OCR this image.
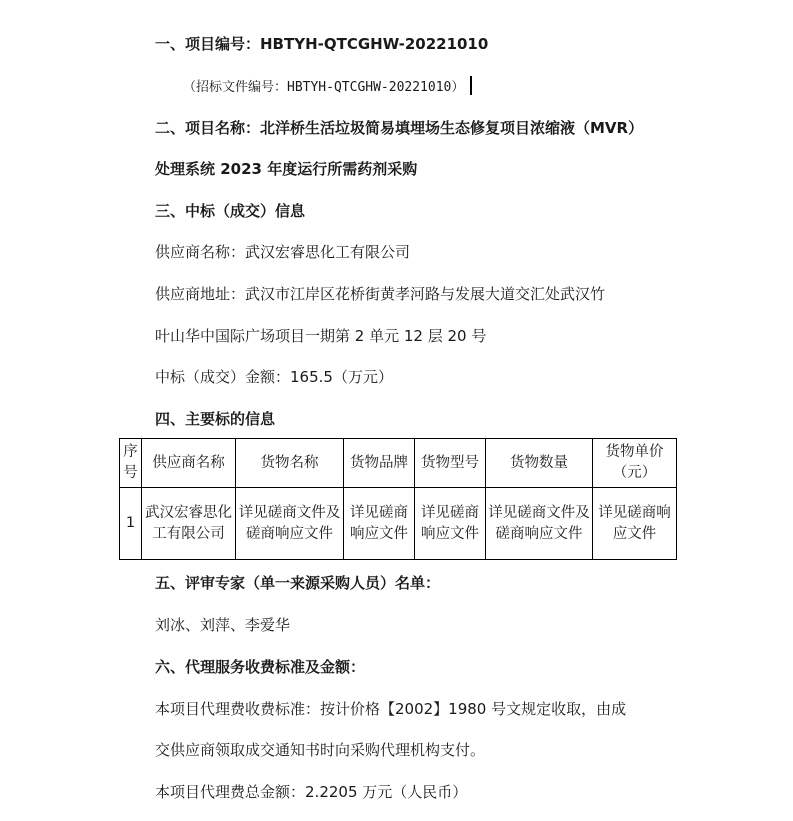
一、项目编号：HBTYH-QTCGHW-20221010
（招标文件编号：HBTYH-QTCGHW-20221010）
二、项目名称：北洋桥生活垃圾简易填埋场生态修复项目浓缩液（MVR）
处理系统 2023 年度运行所需药剂采购
三、中标（成交）信息
供应商名称：武汉宏睿思化工有限公司
供应商地址：武汉市江岸区花桥街黄孝河路与发展大道交汇处武汉竹
叶山华中国际广场项目一期第 2 单元 12 层 20 号
中标（成交）金额：165.5（万元）
四、主要标的信息
序号	供应商名称	货物名称	货物品牌	货物型号	货物数量	货物单价（元）
1	武汉宏睿思化工有限公司	详见磋商文件及磋商响应文件	详见磋商响应文件	详见磋商响应文件	详见磋商文件及磋商响应文件	详见磋商响应文件
五、评审专家（单一来源采购人员）名单：
刘冰、刘萍、李爱华
六、代理服务收费标准及金额：
本项目代理费收费标准：按计价格【2002】1980 号文规定收取，由成
交供应商领取成交通知书时向采购代理机构支付。
本项目代理费总金额：2.2205 万元（人民币）
